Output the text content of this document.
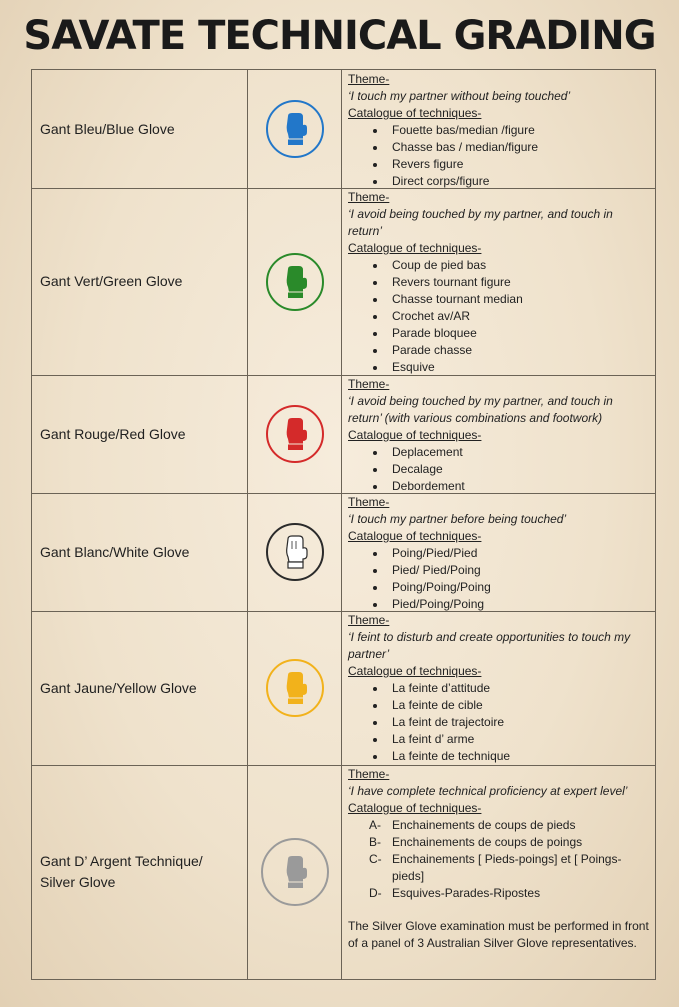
SAVATE TECHNICAL GRADING
Gant Bleu/Blue Glove
Theme-
‘I touch my partner without being touched’
Catalogue of techniques-
Fouette bas/median /figure
Chasse bas / median/figure
Revers figure
Direct corps/figure
Gant Vert/Green Glove
Theme-
‘I avoid being touched by my partner, and touch in return’
Catalogue of techniques-
Coup de pied bas
Revers tournant figure
Chasse tournant median
Crochet av/AR
Parade bloquee
Parade chasse
Esquive
Gant Rouge/Red Glove
Theme-
‘I avoid being touched by my partner, and touch in return’ (with various combinations and footwork)
Catalogue of techniques-
Deplacement
Decalage
Debordement
Gant Blanc/White Glove
Theme-
‘I touch my partner before being touched’
Catalogue of techniques-
Poing/Pied/Pied
Pied/ Pied/Poing
Poing/Poing/Poing
Pied/Poing/Poing
Gant Jaune/Yellow Glove
Theme-
‘I feint to disturb and create opportunities to touch my partner’
Catalogue of techniques-
La feinte d’attitude
La feinte de cible
La feint de trajectoire
La feint d’ arme
La feinte de technique
Gant D’ Argent Technique/ Silver Glove
Theme-
‘I have complete technical proficiency at expert level’
Catalogue of techniques-
A- Enchainements de coups de pieds
B- Enchainements de coups de poings
C- Enchainements [ Pieds-poings] et [ Poings-pieds]
D- Esquives-Parades-Ripostes
The Silver Glove examination must be performed in front of a panel of 3 Australian Silver Glove representatives.
